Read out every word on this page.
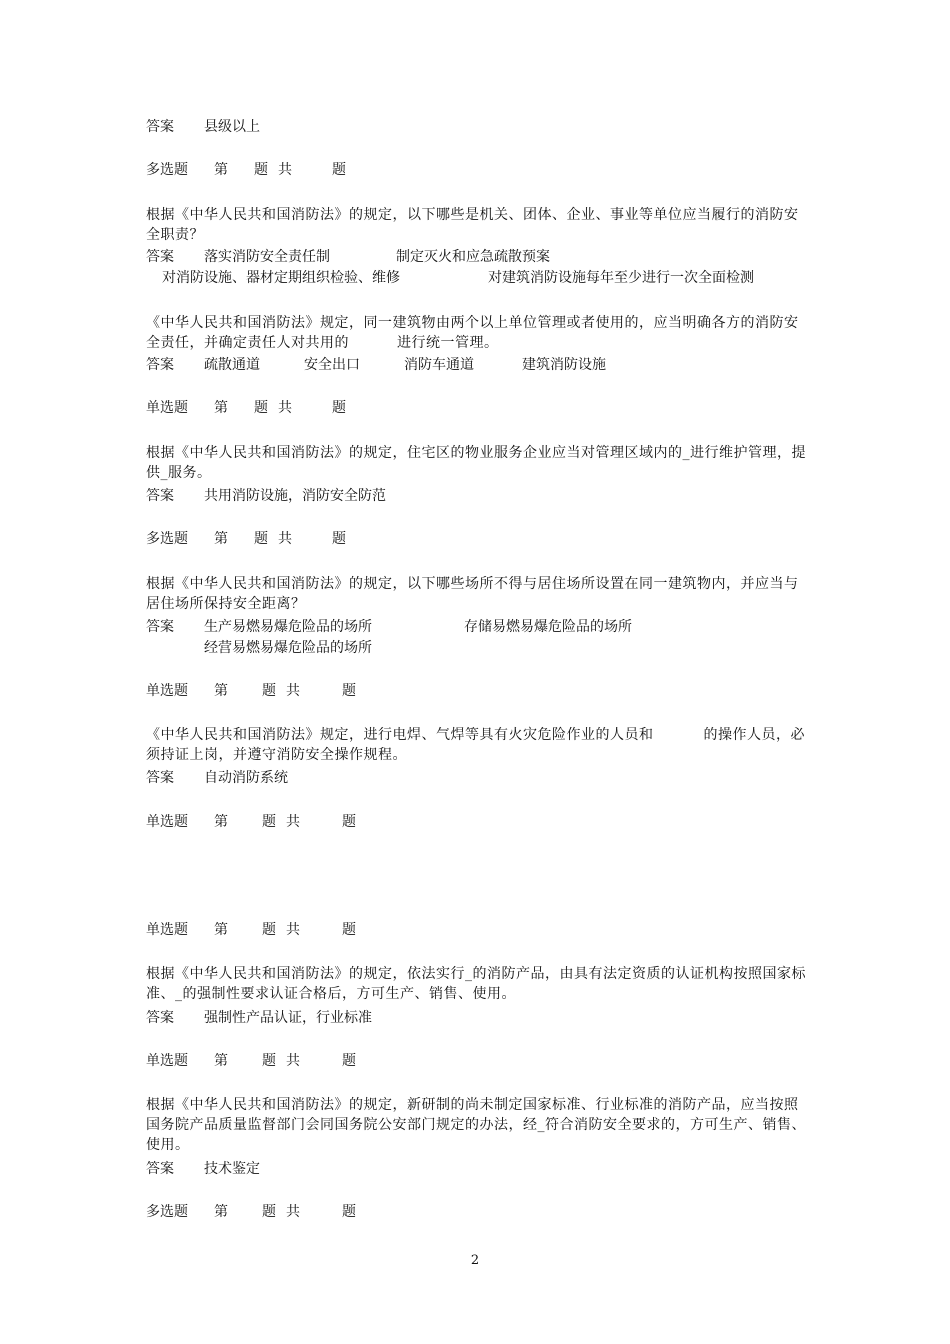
答案 县级以上
多选题 第 题 共	题
根据《中华人民共和国消防法》的规定，以下哪些是机关、团体、企业、事业等单位应当履行的消防安全职责？
答案 落实消防安全责任制	制定灭火和应急疏散预案
对消防设施、器材定期组织检验、维修	对建筑消防设施每年至少进行一次全面检测
《中华人民共和国消防法》规定，同一建筑物由两个以上单位管理或者使用的，应当明确各方的消防安全责任，并确定责任人对共用的	进行统一管理。
答案 疏散通道	安全出口	消防车通道	建筑消防设施
单选题 第 题 共	题
根据《中华人民共和国消防法》的规定，住宅区的物业服务企业应当对管理区域内的_进行维护管理，提供_服务。
答案 共用消防设施，消防安全防范
多选题 第 题 共	题
根据《中华人民共和国消防法》的规定，以下哪些场所不得与居住场所设置在同一建筑物内，并应当与居住场所保持安全距离？
答案 生产易燃易爆危险品的场所	存储易燃易爆危险品的场所
经营易燃易爆危险品的场所
单选题 第 题 共	题
《中华人民共和国消防法》规定，进行电焊、气焊等具有火灾危险作业的人员和	的操作人员，必须持证上岗，并遵守消防安全操作规程。
答案 自动消防系统
单选题 第 题 共	题
单选题 第 题 共	题
根据《中华人民共和国消防法》的规定，依法实行_的消防产品，由具有法定资质的认证机构按照国家标准、_的强制性要求认证合格后，方可生产、销售、使用。
答案 强制性产品认证，行业标准
单选题 第 题 共	题
根据《中华人民共和国消防法》的规定，新研制的尚未制定国家标准、行业标准的消防产品，应当按照国务院产品质量监督部门会同国务院公安部门规定的办法，经_符合消防安全要求的，方可生产、销售、使用。
答案 技术鉴定
多选题 第 题 共	题
2
